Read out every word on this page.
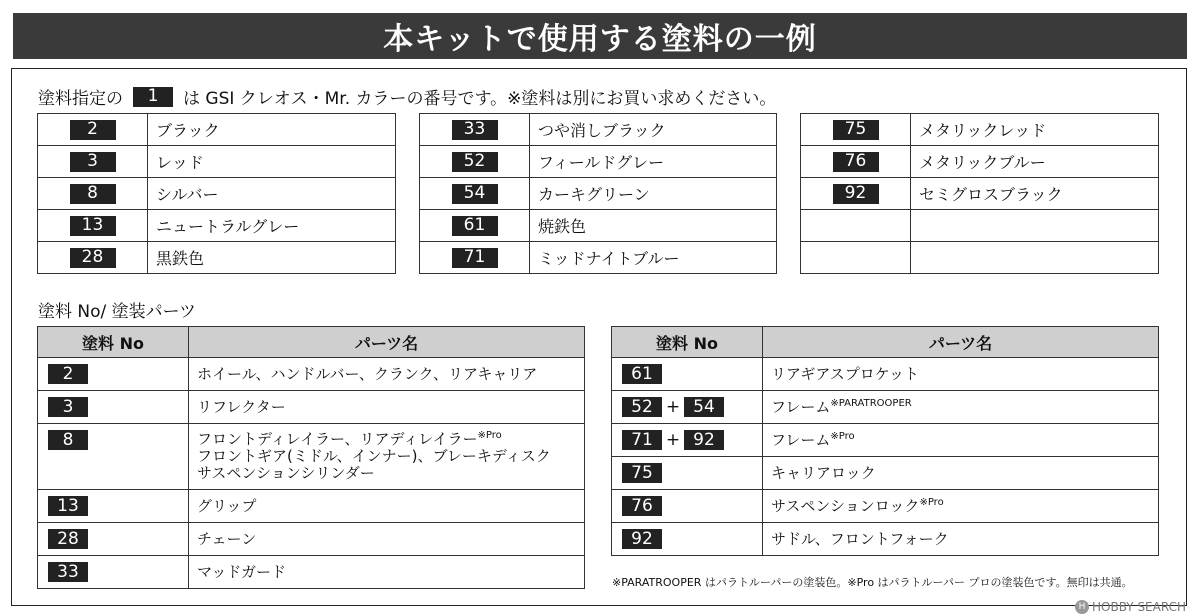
本キットで使用する塗料の一例
塗料指定の	1	は GSI クレオス・Mr. カラーの番号です。※塗料は別にお買い求めください。
2	ブラック
3	レッド
8	シルバー
13	ニュートラルグレー
28	黒鉄色
33	つや消しブラック
52	フィールドグレー
54	カーキグリーン
61	焼鉄色
71	ミッドナイトブルー
75	メタリックレッド
76	メタリックブルー
92	セミグロスブラック

塗料 No/ 塗装パーツ
塗料 No	パーツ名
2	ホイール、ハンドルバー、クランク、リアキャリア

3	リフレクター

8	フロントディレイラー、リアディレイラー$^{※Pro}$
フロントギア(ミドル、インナー)、ブレーキディスク
サスペンションシリンダー

13	グリップ

28	チェーン

33	マッドガード
塗料 No	パーツ名
61	リアギアスプロケット

52 + 54	フレーム$^{※PARATROOPER}$

71 + 92	フレーム$^{※Pro}$

75	キャリアロック

76	サスペンションロック$^{※Pro}$

92	サドル、フロントフォーク
※PARATROOPER はパラトルーパーの塗装色。※Pro はパラトルーパー プロの塗装色です。無印は共通。
H HOBBY SEARCH
